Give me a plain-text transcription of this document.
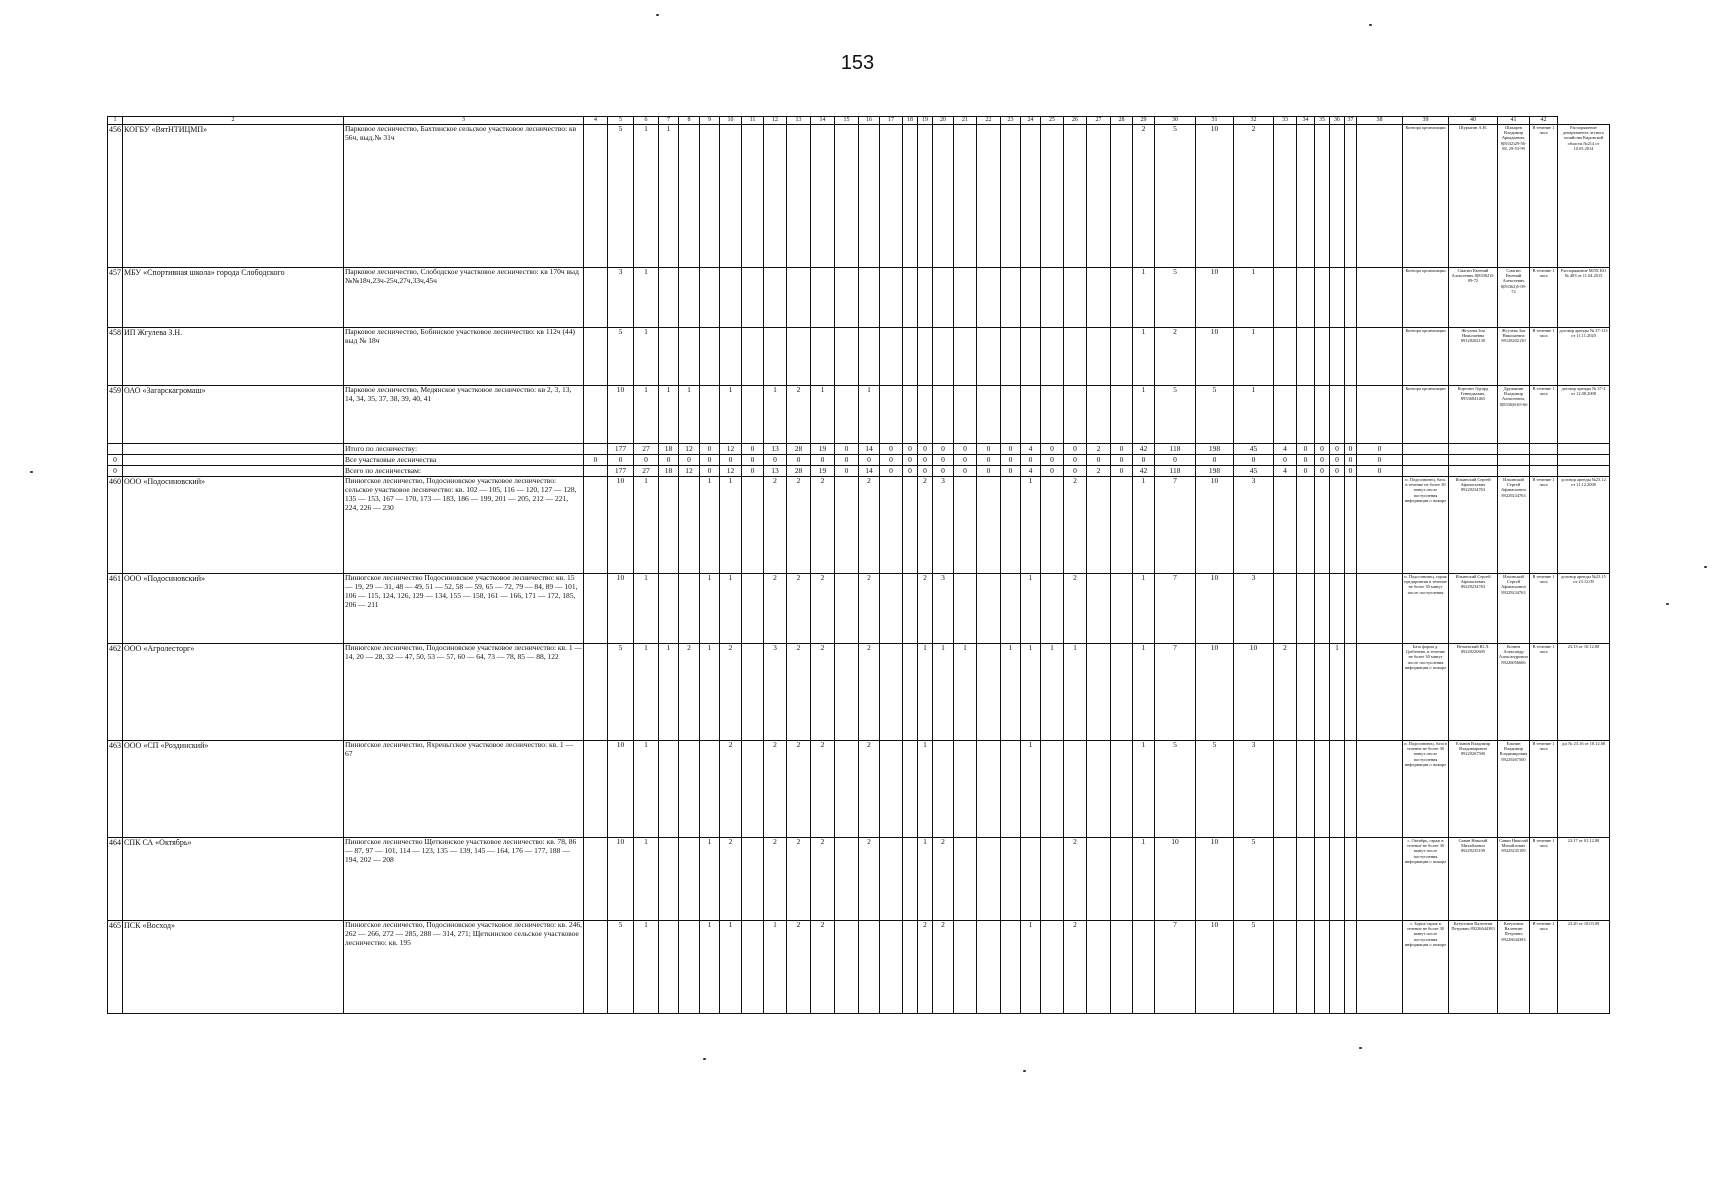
153
1	2	3	4	5	6	7	8	9	10	11	12	13	14	15	16	17	18	19	20	21	22	23	24	25	26	27	28	29	30	31	32	33	34	35	36	37	38	39	40	41	42	
456	КОГБУ «ВятНТИЦМП»	Парковое лесничество, Бахтинское сельское участковое лесничество: кв 56ч, выд.№ 31ч		5	1	1																						2	5	10	2							Контора организации	Шурыгин А.Н.	Шахарев Владимир Аркадьевич, 8(8332)29-56-08, 29-53-99	В течение 1 часа	Распоряжение департамента лесного хозяйства Кировской области №214 от 10.05.2014
457	МБУ «Спортивная школа» города Слободского	Парковое лесничество, Слободское участковое лесничество: кв 170ч выд №№18ч,23ч-25ч,27ч,33ч,45ч		3	1																							1	5	10	1							Контора организации	Смагин Евгений Алексеевич 8(83362)5-09-72	Смагин Евгений Алексеевич 8(83362)5-09-72	В течение 1 часа	Распоряжение МЛХ КО № 483 от 11.04.2015
458	ИП Жгулева З.Н.	Парковое лесничество, Бобинское участковое лесничество: кв 112ч (44) выд № 18ч		5	1																							1	2	10	1							Контора организации	Жгулева Зоя Николаевна 89128202130	Жгулева Зоя Николаевна 89128202130	В течение 1 часа	договор аренды № 37-113 от 11.11.2020
459	ОАО «Загарскагромаш»	Парковое лесничество, Медянское участковое лесничество: кв 2, 3, 13, 14, 34, 35, 37, 38, 39, 40, 41		10	1	1	1		1		1	2	1		1													1	5	5	1							Контора организации	Корелин Эдуард Геннадьевич, 89536841465	Дружинин Владимир Алексеевич, 8(8336)6-65-66	В течение 1 часа	договор аренды № 37-2 от 12.08.2008
		Итого по лесничеству:		177	27	18	12	0	12	0	13	28	19	0	14	0	0	0	0	0	0	0	4	0	0	2	0	42	118	198	45	4	0	0	0	0	0					
0		Все участковые лесничества	0	0	0	0	0	0	0	0	0	0	0	0	0	0	0	0	0	0	0	0	0	0	0	0	0	0	0	0	0	0	0	0	0	0	0					
0		Всего по лесничествам:		177	27	18	12	0	12	0	13	28	19	0	14	0	0	0	0	0	0	0	4	0	0	2	0	42	118	198	45	4	0	0	0	0	0					
460	ООО «Подосиновский»	Пинюгское лесничество, Подосиновское участковое лесничество: сельское участковое лесничество: кв. 102 — 105, 116 — 120, 127 — 128, 135 — 153, 167 — 170, 173 — 183, 186 — 199, 201 — 205, 212 — 221, 224, 226 — 230		10	1			1	1		2	2	2		2			2	3				1		2			1	7	10	3							п. Подосиновец, база, в течение не более 30 минут после поступления информации о пожаре	Ильинский Сергей Афанасьевич 89229234763	Ильинский Сергей Афанасьевич 89229234763	В течение 1 часа	договор аренды №23.12 от 11.12.2008
461	ООО «Подосиновский»	Пинюгское лесничество Подосиновское участковое лесничество: кв. 15 — 19, 29 — 31, 48 — 49, 51 — 52, 58 — 59, 65 — 72, 79 — 84, 89 — 101, 106 — 115, 124, 126, 129 — 134, 155 — 158, 161 — 166, 171 — 172, 185, 206 — 211		10	1			1	1		2	2	2		2			2	3				1		2			1	7	10	3							п. Подосиновец, гараж предприятия в течение не более 30 минут после поступления	Ильинский Сергей Афанасьевич 89229234763	Ильинский Сергей Афанасьевич 89229234763	В течение 1 часа	договор аренды №23.15 от 23.12.09
462	ООО «Агролесторг»	Пинюгское лесничество, Подосиновское участковое лесничество: кв. 1 — 14, 20 — 28, 32 — 47, 50, 53 — 57, 60 — 64, 73 — 78, 85 — 88, 122		5	1	1	2	1	2		3	2	2		2			1	1	1		1	1	1	1			1	7	10	10	2			1			База форма д. Гребенево, в течение не более 30 минут после поступления информации о пожаре	Нечаевский Ю.Л. 89229230605	Кочнев Александр Александрович 89226056666	В течение 1 часа	23.13 от 10.12.08
463	ООО «СП «Роздинский»	Пинюгское лесничество, Яхреньгское участковое лесничество: кв. 1 — 67		10	1				2		2	2	2		2			1					1					1	5	5	3							п. Подосиновец, база в течение не более 30 минут после поступления информации о пожаре	Ельнин Владимир Владимирович 89229267500	Ельнин Владимир Владимирович 89229267500	В течение 1 часа	д/а № 23.16 от 18.12.08
464	СПК СА «Октябрь»	Пинюгское лесничество Щеткинское участковое лесничество: кв. 78, 86 — 87, 97 — 101, 114 — 123, 135 — 139, 145 — 164, 176 — 177, 188 — 194, 202 — 208		10	1			1	2		2	2	2		2			1	2						2			1	10	10	5							с. Октябрь, гараж в течение не более 30 минут после поступления информации о пожаре	Савин Николай Михайлович 89229235109	Савин Николай Михайлович 89229235109	В течение 1 часа	23.17 от 01.12.08
465	ПСК «Восход»	Пинюгское лесничество, Подосиновское участковое лесничество: кв. 246, 262 — 266, 272 — 285, 288 — 314, 271; Щеткинское сельское участковое лесничество: кв. 195		5	1			1	1		1	2	2					2	2				1		2				7	10	5							с. Борок гараж в течение не более 30 минут после поступления информации о пожаре	Катугинов Валентин Петрович 89226644383	Катугинов Валентин Петрович 89226644383	В течение 1 часа	23.20 от 18.03.09
